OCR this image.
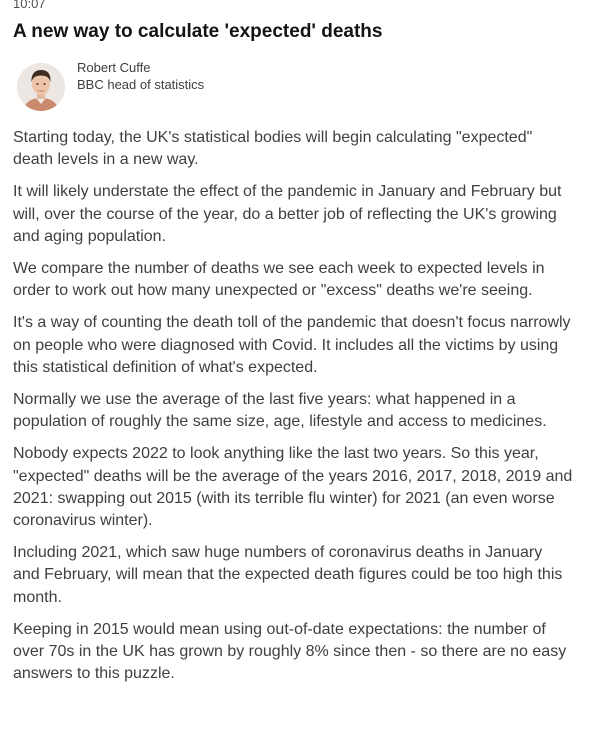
10:07
A new way to calculate 'expected' deaths
Robert Cuffe
BBC head of statistics

Starting today, the UK's statistical bodies will begin calculating "expected" death levels in a new way.

It will likely understate the effect of the pandemic in January and February but will, over the course of the year, do a better job of reflecting the UK's growing and aging population.

We compare the number of deaths we see each week to expected levels in order to work out how many unexpected or "excess" deaths we're seeing.

It's a way of counting the death toll of the pandemic that doesn't focus narrowly on people who were diagnosed with Covid. It includes all the victims by using this statistical definition of what's expected.

Normally we use the average of the last five years: what happened in a population of roughly the same size, age, lifestyle and access to medicines.

Nobody expects 2022 to look anything like the last two years. So this year, "expected" deaths will be the average of the years 2016, 2017, 2018, 2019 and 2021: swapping out 2015 (with its terrible flu winter) for 2021 (an even worse coronavirus winter).

Including 2021, which saw huge numbers of coronavirus deaths in January and February, will mean that the expected death figures could be too high this month.

Keeping in 2015 would mean using out-of-date expectations: the number of over 70s in the UK has grown by roughly 8% since then - so there are no easy answers to this puzzle.
